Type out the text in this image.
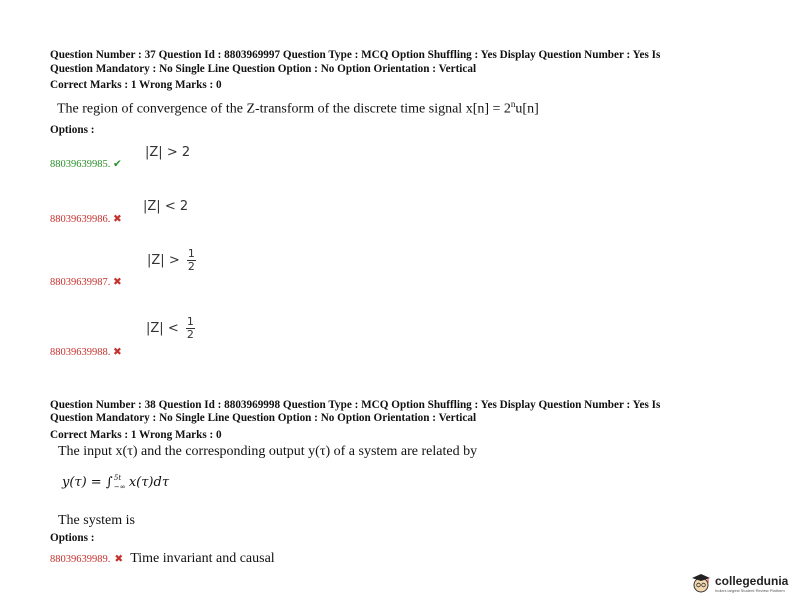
Question Number : 37 Question Id : 8803969997 Question Type : MCQ Option Shuffling : Yes Display Question Number : Yes Is
Question Mandatory : No Single Line Question Option : No Option Orientation : Vertical
Correct Marks : 1 Wrong Marks : 0
The region of convergence of the Z-transform of the discrete time signal $x[n] = 2^nu[n]$
Options :
|Z| > 2
88039639985. ✔
|Z| < 2
88039639986. ✖
$|Z| > \frac{1}{2}$
88039639987. ✖
$|Z| < \frac{1}{2}$
88039639988. ✖
Question Number : 38 Question Id : 8803969998 Question Type : MCQ Option Shuffling : Yes Display Question Number : Yes Is
Question Mandatory : No Single Line Question Option : No Option Orientation : Vertical
Correct Marks : 1 Wrong Marks : 0
The input x(τ) and the corresponding output y(τ) of a system are related by
y(τ) = ∫ 5t
−∞ x(τ)dτ
The system is
Options :
88039639989. ✖ Time invariant and causal
collegedunia
India's largest Student Review Platform
